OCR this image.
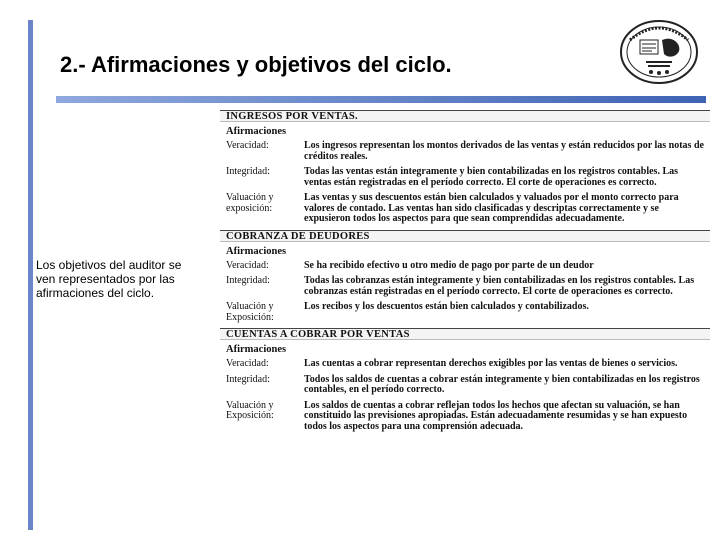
2.- Afirmaciones y objetivos del ciclo.

Los objetivos del auditor se ven representados por las afirmaciones del ciclo.

INGRESOS POR VENTAS.
Afirmaciones
Veracidad:	Los ingresos representan los montos derivados de las ventas y están reducidos por las notas de créditos reales.
Integridad:	Todas las ventas están integramente y bien contabilizadas en los registros contables. Las ventas están registradas en el período correcto. El corte de operaciones es correcto.
Valuación y exposición:
Las ventas y sus descuentos están bien calculados y valuados por el monto correcto para valores de contado. Las ventas han sido clasificadas y descriptas correctamente y se expusieron todos los aspectos para que sean comprendidas adecuadamente.
COBRANZA DE DEUDORES
Afirmaciones
Veracidad:	Se ha recibido efectivo u otro medio de pago por parte de un deudor
Integridad:	Todas las cobranzas están integramente y bien contabilizadas en los registros contables. Las cobranzas están registradas en el período correcto. El corte de operaciones es correcto.
Valuación y Exposición:
Los recibos y los descuentos están bien calculados y contabilizados.
CUENTAS A COBRAR POR VENTAS
Afirmaciones
Veracidad:	Las cuentas a cobrar representan derechos exigibles por las ventas de bienes o servicios.
Integridad:	Todos los saldos de cuentas a cobrar están integramente y bien contabilizadas en los registros contables, en el período correcto.
Valuación y Exposición:
Los saldos de cuentas a cobrar reflejan todos los hechos que afectan su valuación, se han constituido las previsiones apropiadas. Están adecuadamente resumidas y se han expuesto todos los aspectos para una comprensión adecuada.
